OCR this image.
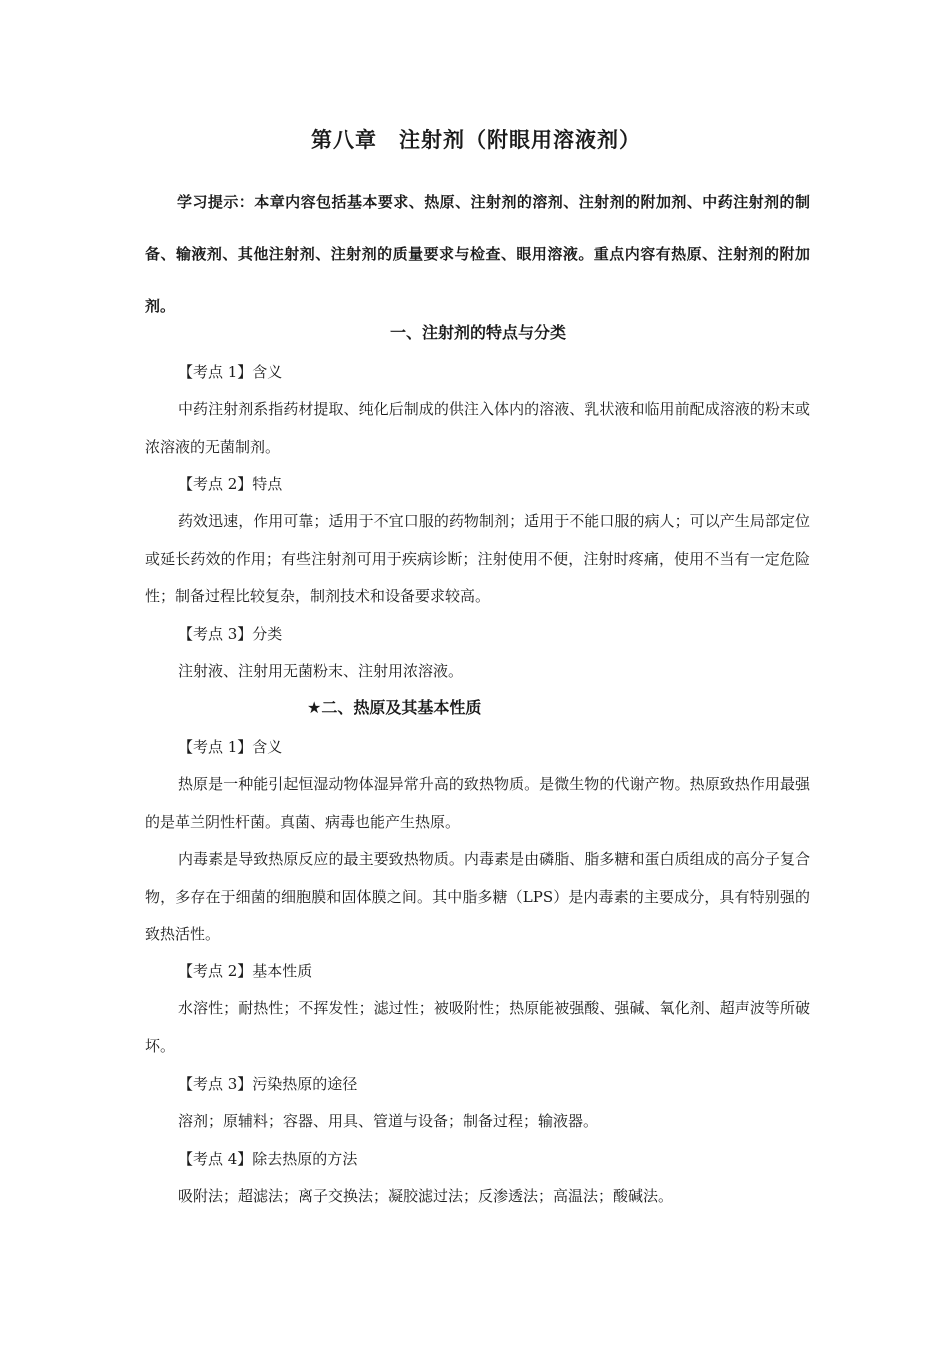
第八章　注射剂（附眼用溶液剂）

学习提示：本章内容包括基本要求、热原、注射剂的溶剂、注射剂的附加剂、中药注射剂的制备、输液剂、其他注射剂、注射剂的质量要求与检查、眼用溶液。重点内容有热原、注射剂的附加剂。

一、注射剂的特点与分类
【考点 1】含义

中药注射剂系指药材提取、纯化后制成的供注入体内的溶液、乳状液和临用前配成溶液的粉末或浓溶液的无菌制剂。

【考点 2】特点

药效迅速，作用可靠；适用于不宜口服的药物制剂；适用于不能口服的病人；可以产生局部定位或延长药效的作用；有些注射剂可用于疾病诊断；注射使用不便，注射时疼痛，使用不当有一定危险性；制备过程比较复杂，制剂技术和设备要求较高。

【考点 3】分类

注射液、注射用无菌粉末、注射用浓溶液。

★二、热原及其基本性质
【考点 1】含义

热原是一种能引起恒湿动物体湿异常升高的致热物质。是微生物的代谢产物。热原致热作用最强的是革兰阴性杆菌。真菌、病毒也能产生热原。

内毒素是导致热原反应的最主要致热物质。内毒素是由磷脂、脂多糖和蛋白质组成的高分子复合物，多存在于细菌的细胞膜和固体膜之间。其中脂多糖（LPS）是内毒素的主要成分，具有特别强的致热活性。

【考点 2】基本性质

水溶性；耐热性；不挥发性；滤过性；被吸附性；热原能被强酸、强碱、氧化剂、超声波等所破坏。

【考点 3】污染热原的途径

溶剂；原辅料；容器、用具、管道与设备；制备过程；输液器。

【考点 4】除去热原的方法

吸附法；超滤法；离子交换法；凝胶滤过法；反渗透法；高温法；酸碱法。
